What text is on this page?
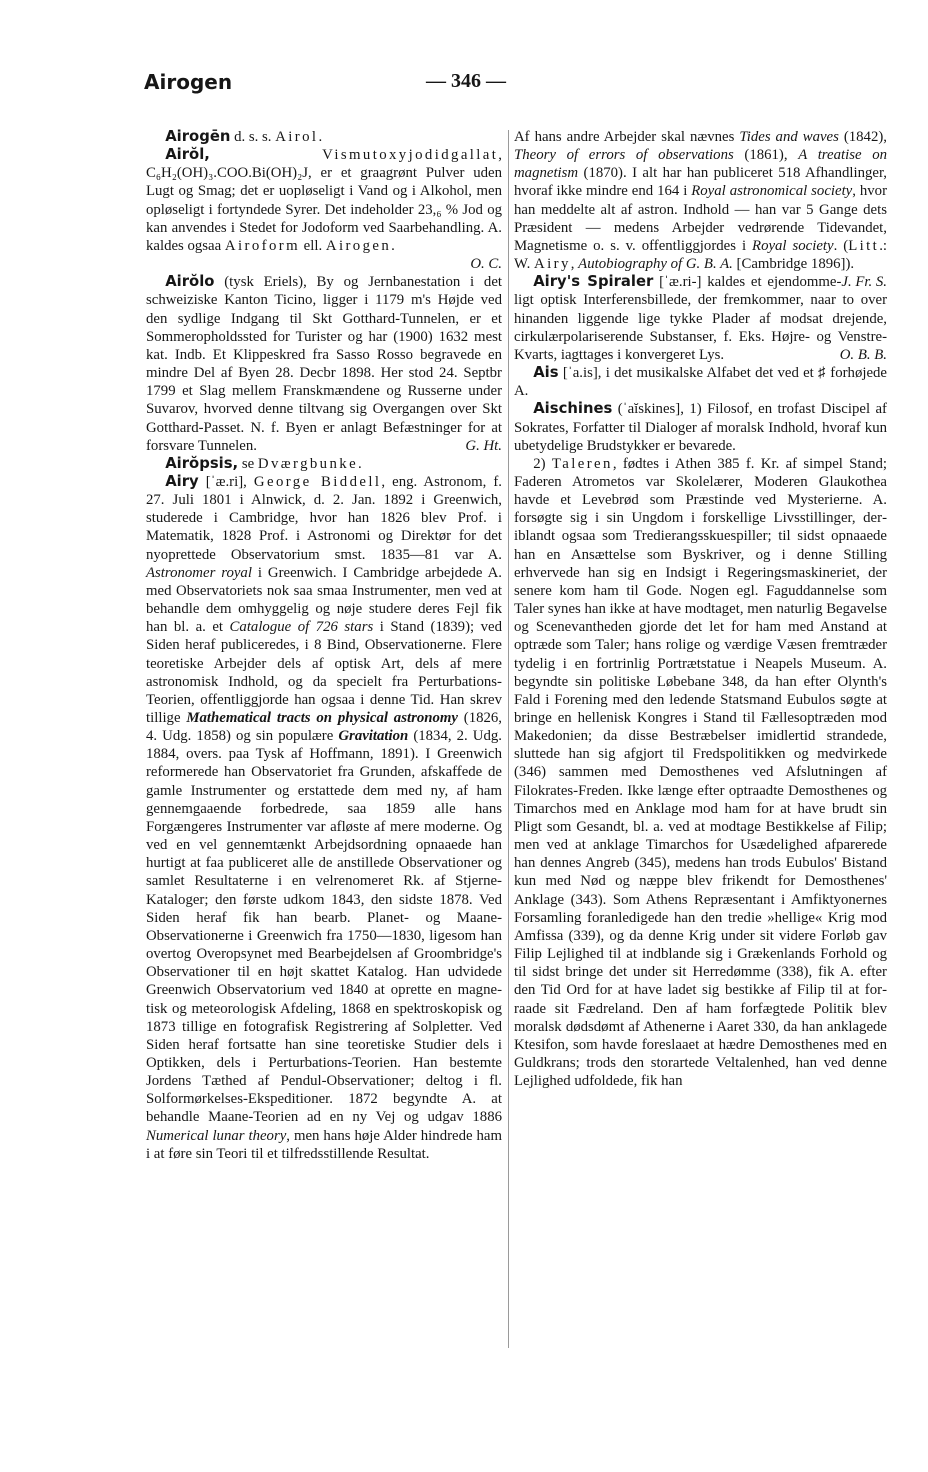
Airogen	— 346 —

Airogēn d. s. s. Airol.

Airŏl,	Vismutoxyjodidgallat, C₆H₂(OH)₃.COO.Bi(OH)₂J, er et graagrønt Pulver uden Lugt og Smag; det er uopløseligt i Vand og i Alkohol, men opløseligt i fortyndede Syrer. Det indeholder 23,₆ % Jod og kan anvendes i Stedet for Jodoform ved Saarbehandling. A. kaldes ogsaa Airoform ell. Airogen.
O. C.

Airŏlo (tysk Eriels), By og Jernbanestation i det schweiziske Kanton Ticino, ligger i 1179 m's Højde ved den sydlige Indgang til Skt Gotthard-Tunnelen, er et Sommeropholdssted for Turister og har (1900) 1632 mest kat. Indb. Et Klippeskred fra Sasso Rosso begravede en mindre Del af Byen 28. Decbr 1898. Her stod 24. Septbr 1799 et Slag mellem Franskmændene og Russerne under Suvarov, hvorved denne tiltvang sig Overgangen over Skt Gotthard-Passet. N. f. Byen er anlagt Befæstninger for at forsvare Tunnelen.	G. Ht.

Airŏpsis, se Dværgbunke.

Airy [ˈæ.ri], George Biddell, eng. Astronom, f. 27. Juli 1801 i Alnwick, d. 2. Jan. 1892 i Greenwich, studerede i Cambridge, hvor han 1826 blev Prof. i Matematik, 1828 Prof. i Astronomi og Direktør for det nyoprettede Observatorium smst. 1835—81 var A. Astronomer royal i Greenwich. I Cambridge arbejdede A. med Observatoriets nok saa smaa Instrumenter, men ved at behandle dem omhyggelig og nøje studere deres Fejl fik han bl. a. et Catalogue of 726 stars i Stand (1839); ved Siden heraf publiceredes, i 8 Bind, Observationerne. Flere teoretiske Arbejder dels af optisk Art, dels af mere astronomisk Indhold, og da specielt fra Perturbations-Teorien, offentliggjorde han ogsaa i denne Tid. Han skrev tillige Mathematical tracts on physical astronomy (1826, 4. Udg. 1858) og sin populære Gravitation (1834, 2. Udg. 1884, overs. paa Tysk af Hoffmann, 1891). I Greenwich reformerede han Observatoriet fra Grunden, afskaffede de gamle Instrumenter og erstattede dem med ny, af ham gennemgaaende forbedrede, saa 1859 alle hans Forgængeres Instrumenter var afløste af mere moderne. Og ved en vel gennemtænkt Arbejdsordning opnaaede han hurtigt at faa publiceret alle de anstillede Observationer og samlet Resultaterne i en velrenomeret Rk. af Stjerne-Kataloger; den første udkom 1843, den sidste 1878. Ved Siden heraf fik han bearb. Planet- og Maane-Observationerne i Greenwich fra 1750—1830, ligesom han overtog Overopsynet med Bearbejdelsen af Groombridge's Observationer til en højt skattet Katalog. Han udvidede Greenwich Observatorium ved 1840 at oprette en magnetisk og meteorologisk Afdeling, 1868 en spektroskopisk og 1873 tillige en fotografisk Registrering af Solpletter. Ved Siden heraf fortsatte han sine teoretiske Studier dels i Optikken, dels i Perturbations-Teorien. Han bestemte Jordens Tæthed af Pendul-Observationer; deltog i fl. Solformørkelses-Ekspeditioner. 1872 begyndte A. at behandle Maane-Teorien ad en ny Vej og udgav 1886 Numerical lunar theory, men hans høje Alder hindrede ham i at føre sin Teori til et tilfredsstillende Resultat.

Af hans andre Arbejder skal nævnes Tides and waves (1842), Theory of errors of observations (1861), A treatise on magnetism (1870). I alt har han publiceret 518 Afhandlinger, hvoraf ikke mindre end 164 i Royal astronomical society, hvor han meddelte alt af astron. Indhold — han var 5 Gange dets Præsident — medens Arbejder vedrørende Tidevandet, Magnetisme o. s. v. offentliggjordes i Royal society. (Litt.: W. Airy, Autobiography of G. B. A. [Cambridge 1896]).
J. Fr. S.

Airy's Spiraler [ˈæ.ri-] kaldes et ejendommeligt optisk Interferensbillede, der fremkommer, naar to over hinanden liggende lige tykke Plader af modsat drejende, cirkulærpolariserende Substanser, f. Eks. Højre- og Venstre-Kvarts, iagttages i konvergeret Lys.	O. B. B.

Ais [ˈa.is], i det musikalske Alfabet det ved et ♯ forhøjede A.

Aischines (ˈaĭskines], 1) Filosof, en trofast Discipel af Sokrates, Forfatter til Dialoger af moralsk Indhold, hvoraf kun ubetydelige Brudstykker er bevarede.

2) Taleren, fødtes i Athen 385 f. Kr. af simpel Stand; Faderen Atrometos var Skolelærer, Moderen Glaukothea havde et Levebrød som Præstinde ved Mysterierne. A. forsøgte sig i sin Ungdom i forskellige Livsstillinger, deriblandt ogsaa som Tredierangsskuespiller; til sidst opnaaede han en Ansættelse som Byskriver, og i denne Stilling erhvervede han sig en Indsigt i Regeringsmaskineriet, der senere kom ham til Gode. Nogen egl. Faguddannelse som Taler synes han ikke at have modtaget, men naturlig Begavelse og Scenevantheden gjorde det let for ham med Anstand at optræde som Taler; hans rolige og værdige Væsen fremtræder tydelig i en fortrinlig Portrætstatue i Neapels Museum. A. begyndte sin politiske Løbebane 348, da han efter Olynth's Fald i Forening med den ledende Statsmand Eubulos søgte at bringe en hellenisk Kongres i Stand til Fællesoptræden mod Makedonien; da disse Bestræbelser imidlertid strandede, sluttede han sig afgjort til Fredspolitikken og medvirkede (346) sammen med Demosthenes ved Afslutningen af Filokrates-Freden. Ikke længe efter optraadte Demosthenes og Timarchos med en Anklage mod ham for at have brudt sin Pligt som Gesandt, bl. a. ved at modtage Bestikkelse af Filip; men ved at anklage Timarchos for Usædelighed afparerede han dennes Angreb (345), medens han trods Eubulos' Bistand kun med Nød og næppe blev frikendt for Demosthenes' Anklage (343). Som Athens Repræsentant i Amfiktyonernes Forsamling foranledigede han den tredie »hellige« Krig mod Amfissa (339), og da denne Krig under sit videre Forløb gav Filip Lejlighed til at indblande sig i Grækenlands Forhold og til sidst bringe det under sit Herredømme (338), fik A. efter den Tid Ord for at have ladet sig bestikke af Filip til at forraade sit Fædreland. Den af ham forfægtede Politik blev moralsk dødsdømt af Athenerne i Aaret 330, da han anklagede Ktesifon, som havde foreslaaet at hædre Demosthenes med en Guldkrans; trods den storartede Veltalenhed, han ved denne Lejlighed udfoldede, fik han
